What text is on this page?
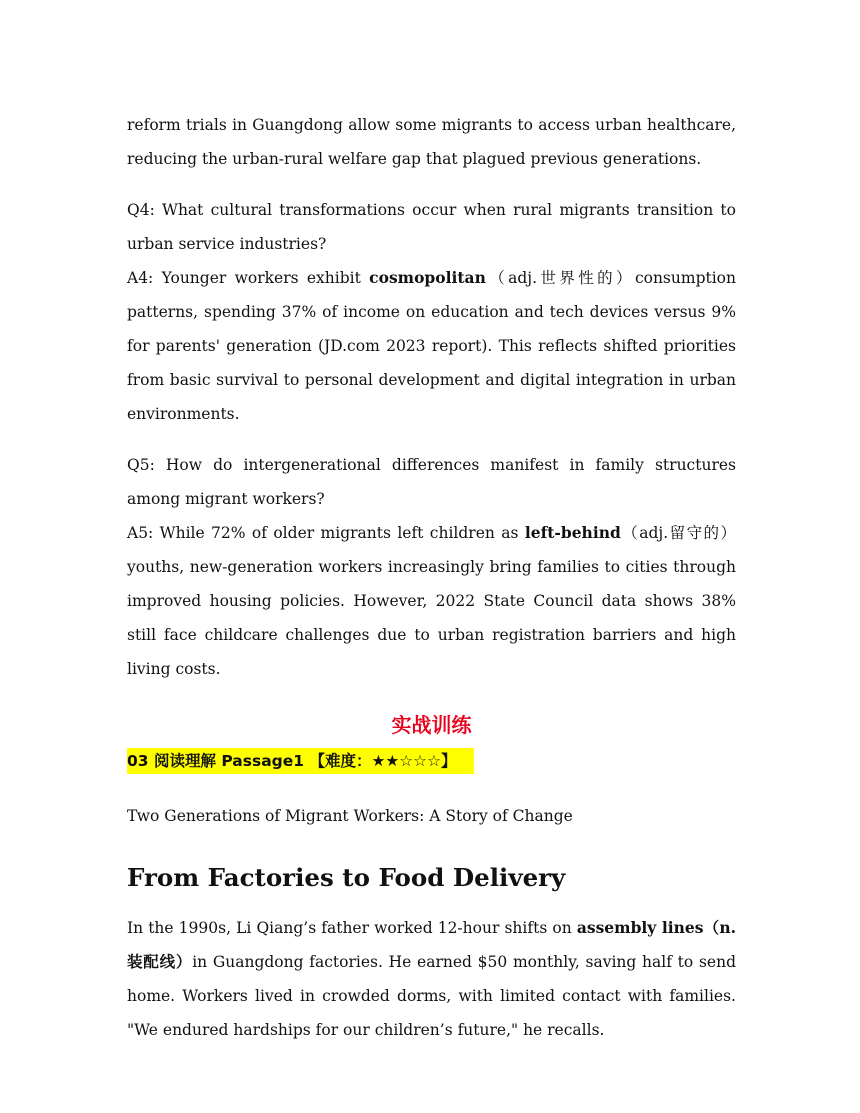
reform trials in Guangdong allow some migrants to access urban healthcare, reducing the urban-rural welfare gap that plagued previous generations.

Q4: What cultural transformations occur when rural migrants transition to urban service industries?

A4: Younger workers exhibit cosmopolitan（adj.世界性的）consumption patterns, spending 37% of income on education and tech devices versus 9% for parents' generation (JD.com 2023 report). This reflects shifted priorities from basic survival to personal development and digital integration in urban environments.

Q5: How do intergenerational differences manifest in family structures among migrant workers?

A5: While 72% of older migrants left children as left-behind（adj.留守的）youths, new-generation workers increasingly bring families to cities through improved housing policies. However, 2022 State Council data shows 38% still face childcare challenges due to urban registration barriers and high living costs.

实战训练
03 阅读理解 Passage1 【难度：★★☆☆☆】

Two Generations of Migrant Workers: A Story of Change

From Factories to Food Delivery

In the 1990s, Li Qiang’s father worked 12-hour shifts on assembly lines（n. 装配线）in Guangdong factories. He earned $50 monthly, saving half to send home. Workers lived in crowded dorms, with limited contact with families. "We endured hardships for our children’s future," he recalls.
